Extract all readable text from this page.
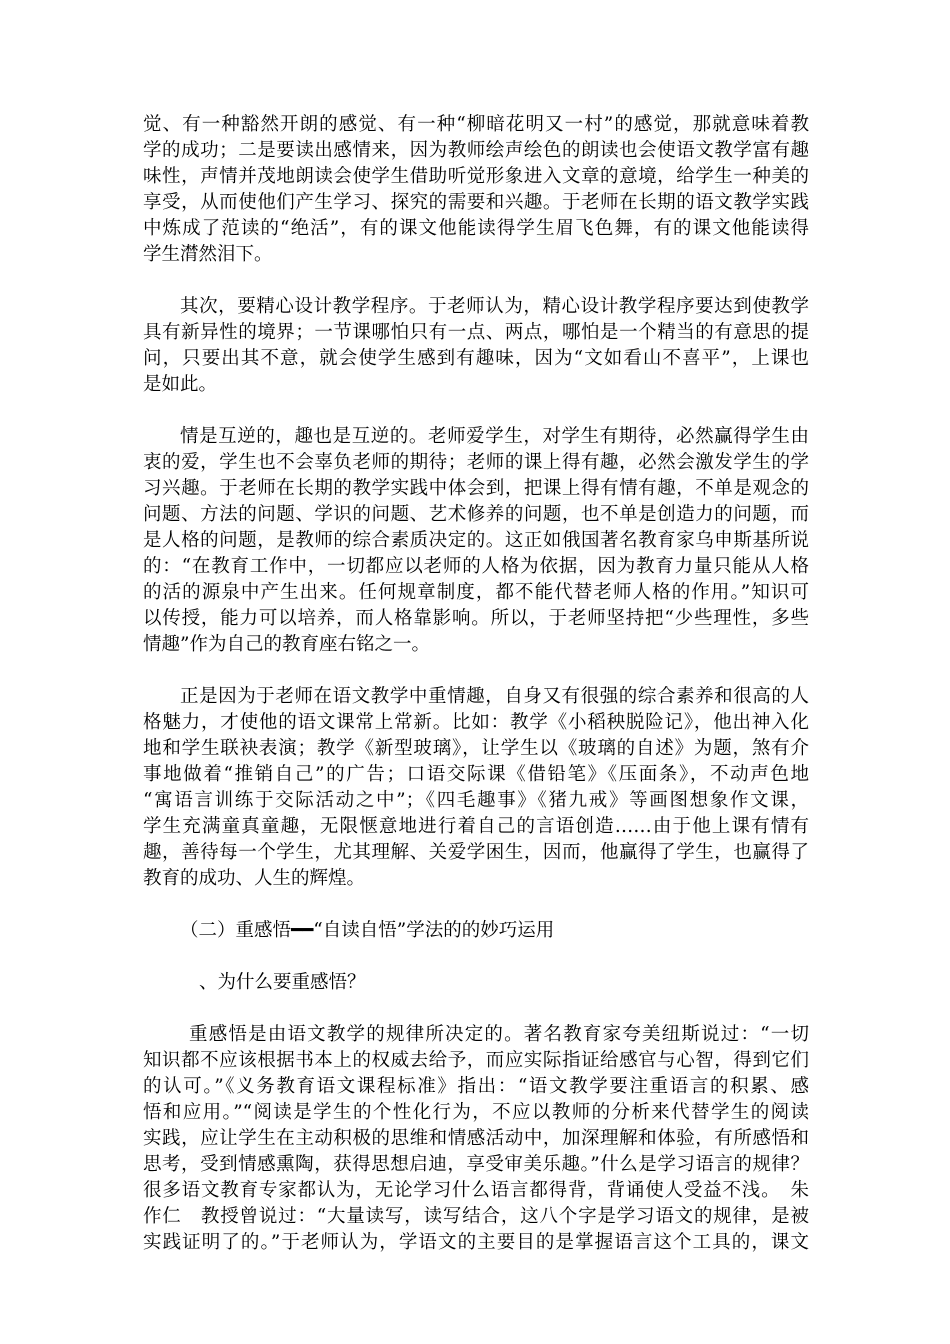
觉、有一种豁然开朗的感觉、有一种“柳暗花明又一村”的感觉，那就意味着教
学的成功；二是要读出感情来，因为教师绘声绘色的朗读也会使语文教学富有趣
味性，声情并茂地朗读会使学生借助听觉形象进入文章的意境，给学生一种美的
享受，从而使他们产生学习、探究的需要和兴趣。于老师在长期的语文教学实践
中炼成了范读的“绝活”，有的课文他能读得学生眉飞色舞，有的课文他能读得
学生潸然泪下。
其次，要精心设计教学程序。于老师认为，精心设计教学程序要达到使教学
具有新异性的境界；一节课哪怕只有一点、两点，哪怕是一个精当的有意思的提
问，只要出其不意，就会使学生感到有趣味，因为“文如看山不喜平”，上课也
是如此。
情是互逆的，趣也是互逆的。老师爱学生，对学生有期待，必然赢得学生由
衷的爱，学生也不会辜负老师的期待；老师的课上得有趣，必然会激发学生的学
习兴趣。于老师在长期的教学实践中体会到，把课上得有情有趣，不单是观念的
问题、方法的问题、学识的问题、艺术修养的问题，也不单是创造力的问题，而
是人格的问题，是教师的综合素质决定的。这正如俄国著名教育家乌申斯基所说
的：“在教育工作中，一切都应以老师的人格为依据，因为教育力量只能从人格
的活的源泉中产生出来。任何规章制度，都不能代替老师人格的作用。”知识可
以传授，能力可以培养，而人格靠影响。所以，于老师坚持把“少些理性，多些
情趣”作为自己的教育座右铭之一。
正是因为于老师在语文教学中重情趣，自身又有很强的综合素养和很高的人
格魅力，才使他的语文课常上常新。比如：教学《小稻秧脱险记》，他出神入化
地和学生联袂表演；教学《新型玻璃》，让学生以《玻璃的自述》为题，煞有介
事地做着“推销自己”的广告；口语交际课《借铅笔》《压面条》，不动声色地
“寓语言训练于交际活动之中”；《四毛趣事》《猪九戒》等画图想象作文课，
学生充满童真童趣，无限惬意地进行着自己的言语创造……由于他上课有情有
趣，善待每一个学生，尤其理解、关爱学困生，因而，他赢得了学生，也赢得了
教育的成功、人生的辉煌。
（二）重感悟━━“自读自悟”学法的的妙巧运用
、为什么要重感悟？
重感悟是由语文教学的规律所决定的。著名教育家夸美纽斯说过：“一切
知识都不应该根据书本上的权威去给予，而应实际指证给感官与心智，得到它们
的认可。”《义务教育语文课程标准》指出：“语文教学要注重语言的积累、感
悟和应用。”“阅读是学生的个性化行为，不应以教师的分析来代替学生的阅读
实践，应让学生在主动积极的思维和情感活动中，加深理解和体验，有所感悟和
思考，受到情感熏陶，获得思想启迪，享受审美乐趣。”什么是学习语言的规律？
很多语文教育专家都认为，无论学习什么语言都得背，背诵使人受益不浅。　朱
作仁　教授曾说过：“大量读写，读写结合，这八个字是学习语文的规律，是被
实践证明了的。”于老师认为，学语文的主要目的是掌握语言这个工具的，课文
